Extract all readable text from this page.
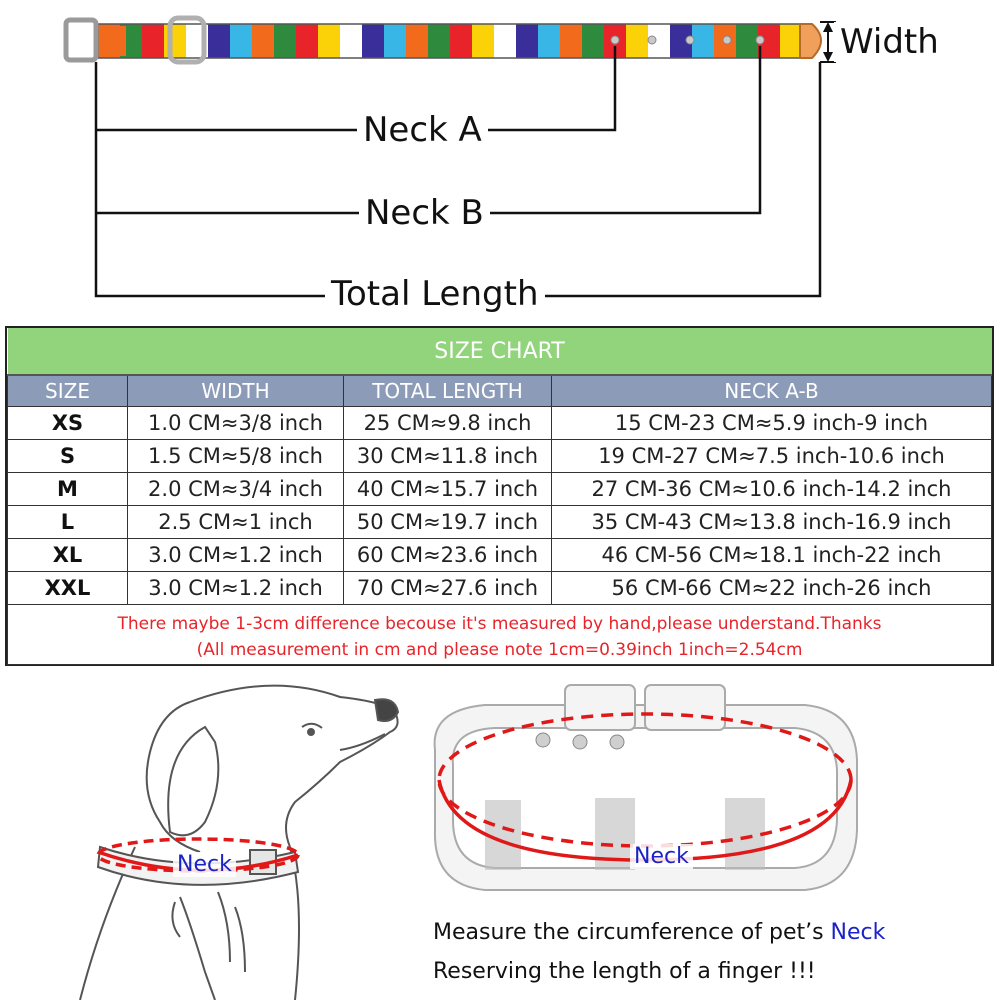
Width
Neck A
Neck B
Total Length
SIZE CHART			
SIZE	WIDTH	TOTAL LENGTH	NECK A-B
XS	1.0 CM≈3/8 inch	25 CM≈9.8 inch	15 CM-23 CM≈5.9 inch-9 inch
S	1.5 CM≈5/8 inch	30 CM≈11.8 inch	19 CM-27 CM≈7.5 inch-10.6 inch
M	2.0 CM≈3/4 inch	40 CM≈15.7 inch	27 CM-36 CM≈10.6 inch-14.2 inch
L	2.5 CM≈1 inch	50 CM≈19.7 inch	35 CM-43 CM≈13.8 inch-16.9 inch
XL	3.0 CM≈1.2 inch	60 CM≈23.6 inch	46 CM-56 CM≈18.1 inch-22 inch
XXL	3.0 CM≈1.2 inch	70 CM≈27.6 inch	56 CM-66 CM≈22 inch-26 inch

There maybe 1-3cm difference becouse it's measured by hand,please understand.Thanks
(All measurement in cm and please note 1cm=0.39inch 1inch=2.54cm			
Neck	Neck
Measure the circumference of pet’s Neck
Reserving the length of a finger !!!
